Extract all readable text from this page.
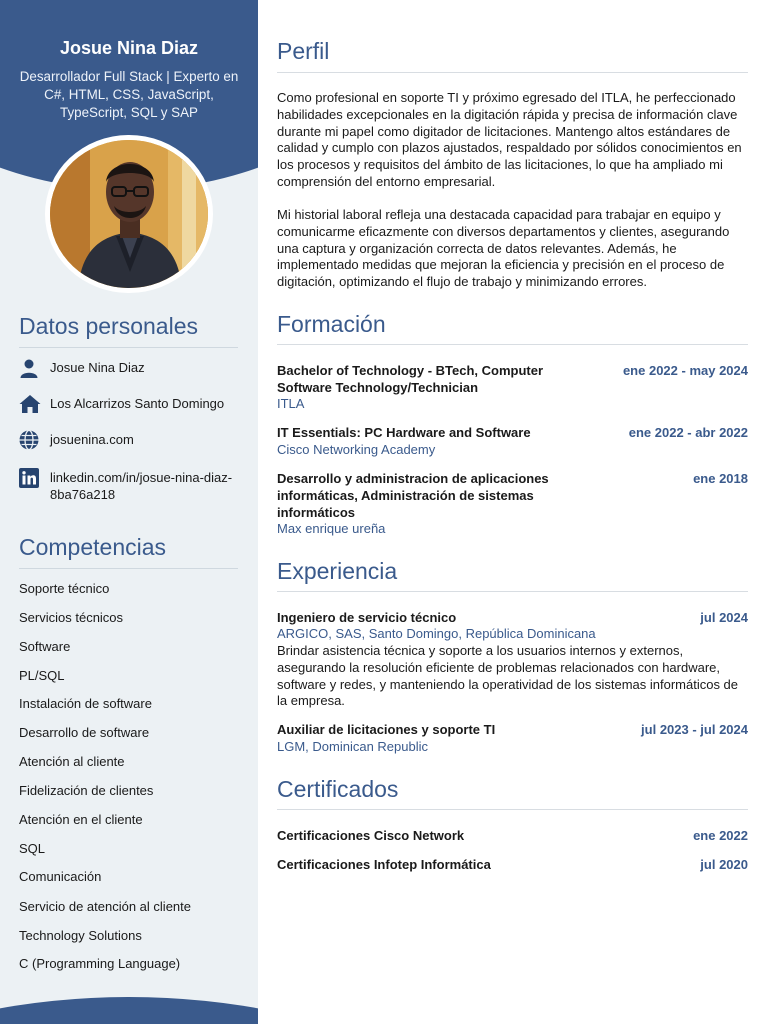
Josue Nina Diaz
Desarrollador Full Stack | Experto en C#, HTML, CSS, JavaScript, TypeScript, SQL y SAP
Datos personales
Josue Nina Diaz
Los Alcarrizos Santo Domingo
josuenina.com
linkedin.com/in/josue-nina-diaz-8ba76a218
Competencias
Soporte técnico
Servicios técnicos
Software
PL/SQL
Instalación de software
Desarrollo de software
Atención al cliente
Fidelización de clientes
Atención en el cliente
SQL
Comunicación
Servicio de atención al cliente
Technology Solutions
C (Programming Language)
Perfil
Como profesional en soporte TI y próximo egresado del ITLA, he perfeccionado habilidades excepcionales en la digitación rápida y precisa de información clave durante mi papel como digitador de licitaciones. Mantengo altos estándares de calidad y cumplo con plazos ajustados, respaldado por sólidos conocimientos en los procesos y requisitos del ámbito de las licitaciones, lo que ha ampliado mi comprensión del entorno empresarial.
Mi historial laboral refleja una destacada capacidad para trabajar en equipo y comunicarme eficazmente con diversos departamentos y clientes, asegurando una captura y organización correcta de datos relevantes. Además, he implementado medidas que mejoran la eficiencia y precisión en el proceso de digitación, optimizando el flujo de trabajo y minimizando errores.
Formación
Bachelor of Technology - BTech, Computer Software Technology/Technician
ene 2022 - may 2024
ITLA
IT Essentials: PC Hardware and Software	ene 2022 - abr 2022
Cisco Networking Academy
Desarrollo y administracion de aplicaciones informáticas, Administración de sistemas informáticos
ene 2018
Max enrique ureña
Experiencia
Ingeniero de servicio técnico	jul 2024
ARGICO, SAS, Santo Domingo, República Dominicana
Brindar asistencia técnica y soporte a los usuarios internos y externos, asegurando la resolución eficiente de problemas relacionados con hardware, software y redes, y manteniendo la operatividad de los sistemas informáticos de la empresa.
Auxiliar de licitaciones y soporte TI	jul 2023 - jul 2024
LGM, Dominican Republic
Certificados
Certificaciones Cisco Network	ene 2022
Certificaciones Infotep Informática	jul 2020
